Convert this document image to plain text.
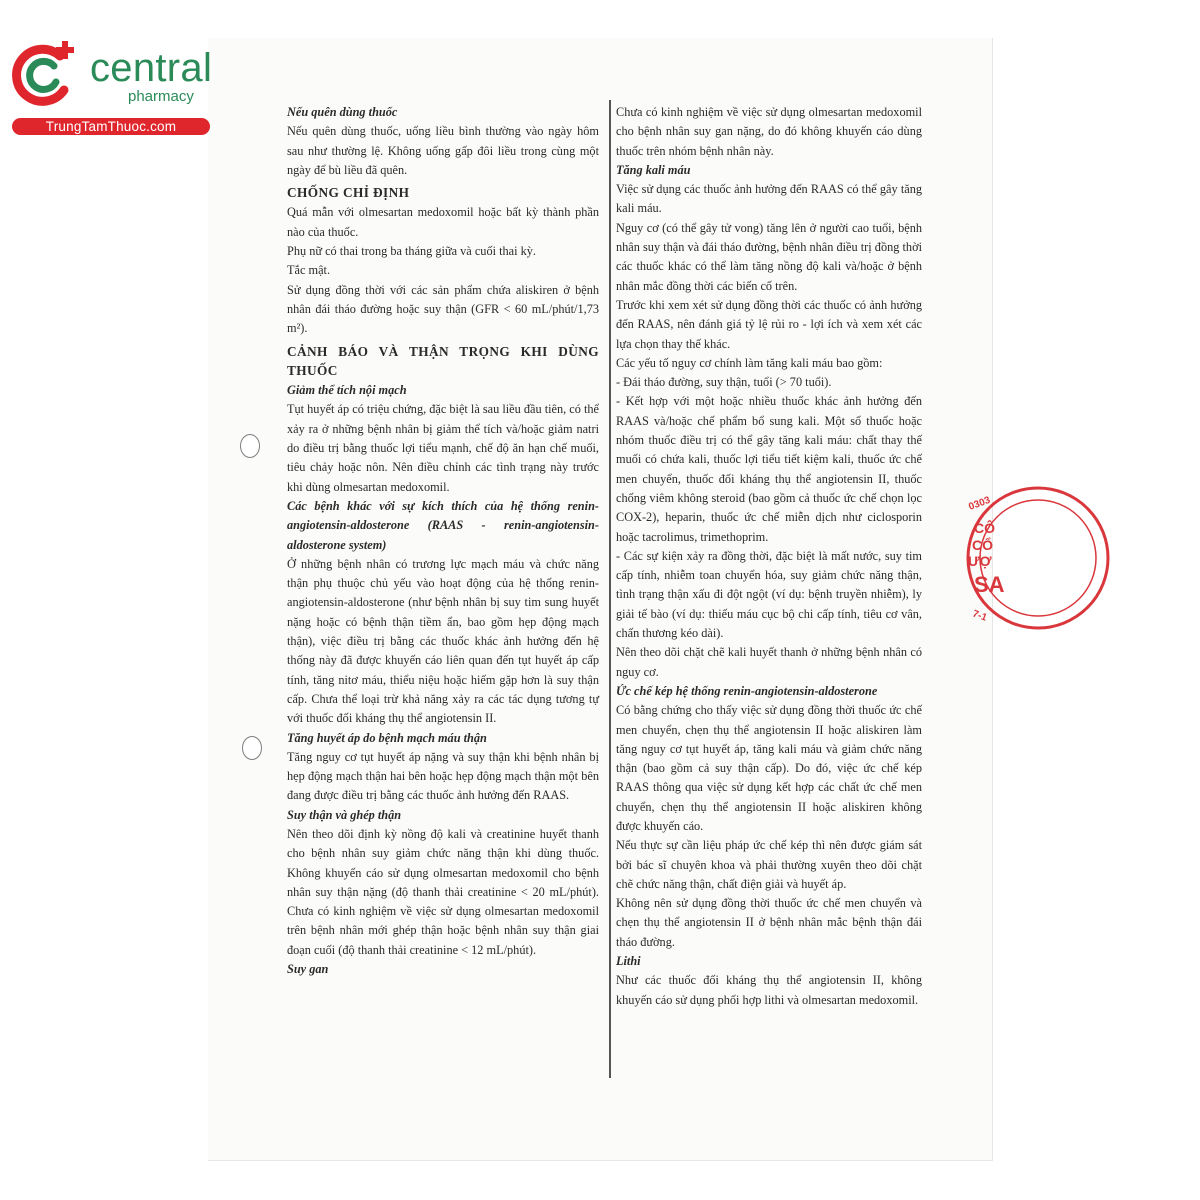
central
pharmacy
TrungTamThuoc.com
0303
CÔ
CỔ
ƯỢ
SA
7-1
Nếu quên dùng thuốc

Nếu quên dùng thuốc, uống liều bình thường vào ngày hôm sau như thường lệ. Không uống gấp đôi liều trong cùng một ngày để bù liều đã quên.

CHỐNG CHỈ ĐỊNH

Quá mẫn với olmesartan medoxomil hoặc bất kỳ thành phần nào của thuốc.

Phụ nữ có thai trong ba tháng giữa và cuối thai kỳ.

Tắc mật.

Sử dụng đồng thời với các sản phẩm chứa aliskiren ở bệnh nhân đái tháo đường hoặc suy thận (GFR < 60 mL/phút/1,73 m²).

CẢNH BÁO VÀ THẬN TRỌNG KHI DÙNG THUỐC
Giảm thể tích nội mạch

Tụt huyết áp có triệu chứng, đặc biệt là sau liều đầu tiên, có thể xảy ra ở những bệnh nhân bị giảm thể tích và/hoặc giảm natri do điều trị bằng thuốc lợi tiểu mạnh, chế độ ăn hạn chế muối, tiêu chảy hoặc nôn. Nên điều chỉnh các tình trạng này trước khi dùng olmesartan medoxomil.

Các bệnh khác với sự kích thích của hệ thống renin-angiotensin-aldosterone (RAAS - renin-angiotensin-aldosterone system)

Ở những bệnh nhân có trương lực mạch máu và chức năng thận phụ thuộc chủ yếu vào hoạt động của hệ thống renin-angiotensin-aldosterone (như bệnh nhân bị suy tim sung huyết nặng hoặc có bệnh thận tiềm ẩn, bao gồm hẹp động mạch thận), việc điều trị bằng các thuốc khác ảnh hưởng đến hệ thống này đã được khuyến cáo liên quan đến tụt huyết áp cấp tính, tăng nitơ máu, thiểu niệu hoặc hiếm gặp hơn là suy thận cấp. Chưa thể loại trừ khả năng xảy ra các tác dụng tương tự với thuốc đối kháng thụ thể angiotensin II.

Tăng huyết áp do bệnh mạch máu thận

Tăng nguy cơ tụt huyết áp nặng và suy thận khi bệnh nhân bị hẹp động mạch thận hai bên hoặc hẹp động mạch thận một bên đang được điều trị bằng các thuốc ảnh hưởng đến RAAS.

Suy thận và ghép thận

Nên theo dõi định kỳ nồng độ kali và creatinine huyết thanh cho bệnh nhân suy giảm chức năng thận khi dùng thuốc. Không khuyến cáo sử dụng olmesartan medoxomil cho bệnh nhân suy thận nặng (độ thanh thải creatinine < 20 mL/phút). Chưa có kinh nghiệm về việc sử dụng olmesartan medoxomil trên bệnh nhân mới ghép thận hoặc bệnh nhân suy thận giai đoạn cuối (độ thanh thải creatinine < 12 mL/phút).

Suy gan

Chưa có kinh nghiệm về việc sử dụng olmesartan medoxomil cho bệnh nhân suy gan nặng, do đó không khuyến cáo dùng thuốc trên nhóm bệnh nhân này.

Tăng kali máu

Việc sử dụng các thuốc ảnh hưởng đến RAAS có thể gây tăng kali máu.

Nguy cơ (có thể gây tử vong) tăng lên ở người cao tuổi, bệnh nhân suy thận và đái tháo đường, bệnh nhân điều trị đồng thời các thuốc khác có thể làm tăng nồng độ kali và/hoặc ở bệnh nhân mắc đồng thời các biến cố trên.

Trước khi xem xét sử dụng đồng thời các thuốc có ảnh hưởng đến RAAS, nên đánh giá tỷ lệ rủi ro - lợi ích và xem xét các lựa chọn thay thế khác.

Các yếu tố nguy cơ chính làm tăng kali máu bao gồm:

- Đái tháo đường, suy thận, tuổi (> 70 tuổi).

- Kết hợp với một hoặc nhiều thuốc khác ảnh hưởng đến RAAS và/hoặc chế phẩm bổ sung kali. Một số thuốc hoặc nhóm thuốc điều trị có thể gây tăng kali máu: chất thay thế muối có chứa kali, thuốc lợi tiểu tiết kiệm kali, thuốc ức chế men chuyển, thuốc đối kháng thụ thể angiotensin II, thuốc chống viêm không steroid (bao gồm cả thuốc ức chế chọn lọc COX-2), heparin, thuốc ức chế miễn dịch như ciclosporin hoặc tacrolimus, trimethoprim.

- Các sự kiện xảy ra đồng thời, đặc biệt là mất nước, suy tim cấp tính, nhiễm toan chuyển hóa, suy giảm chức năng thận, tình trạng thận xấu đi đột ngột (ví dụ: bệnh truyền nhiễm), ly giải tế bào (ví dụ: thiếu máu cục bộ chi cấp tính, tiêu cơ vân, chấn thương kéo dài).

Nên theo dõi chặt chẽ kali huyết thanh ở những bệnh nhân có nguy cơ.

Ức chế kép hệ thống renin-angiotensin-aldosterone

Có bằng chứng cho thấy việc sử dụng đồng thời thuốc ức chế men chuyển, chẹn thụ thể angiotensin II hoặc aliskiren làm tăng nguy cơ tụt huyết áp, tăng kali máu và giảm chức năng thận (bao gồm cả suy thận cấp). Do đó, việc ức chế kép RAAS thông qua việc sử dụng kết hợp các chất ức chế men chuyển, chẹn thụ thể angiotensin II hoặc aliskiren không được khuyến cáo.

Nếu thực sự cần liệu pháp ức chế kép thì nên được giám sát bởi bác sĩ chuyên khoa và phải thường xuyên theo dõi chặt chẽ chức năng thận, chất điện giải và huyết áp.

Không nên sử dụng đồng thời thuốc ức chế men chuyển và chẹn thụ thể angiotensin II ở bệnh nhân mắc bệnh thận đái tháo đường.

Lithi

Như các thuốc đối kháng thụ thể angiotensin II, không khuyến cáo sử dụng phối hợp lithi và olmesartan medoxomil.
